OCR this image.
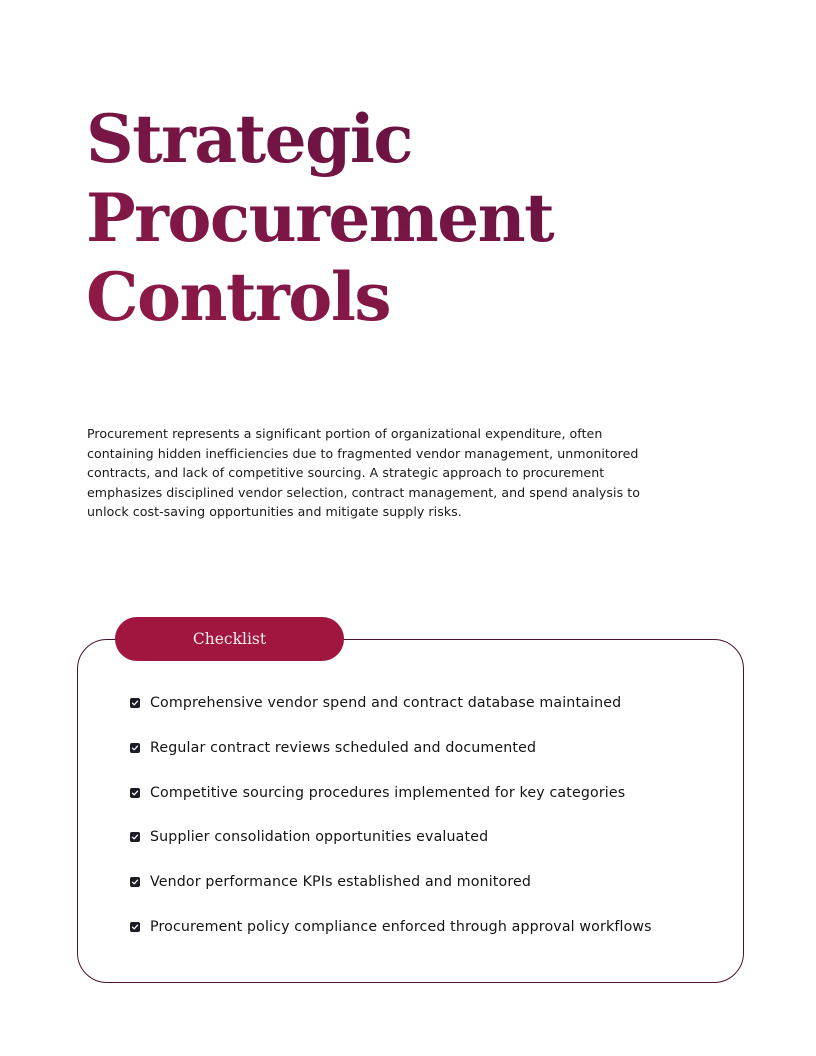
Strategic
Procurement
Controls

Procurement represents a significant portion of organizational expenditure, often containing hidden inefficiencies due to fragmented vendor management, unmonitored contracts, and lack of competitive sourcing. A strategic approach to procurement emphasizes disciplined vendor selection, contract management, and spend analysis to unlock cost-saving opportunities and mitigate supply risks.

Checklist
Comprehensive vendor spend and contract database maintained
Regular contract reviews scheduled and documented
Competitive sourcing procedures implemented for key categories
Supplier consolidation opportunities evaluated
Vendor performance KPIs established and monitored
Procurement policy compliance enforced through approval workflows
